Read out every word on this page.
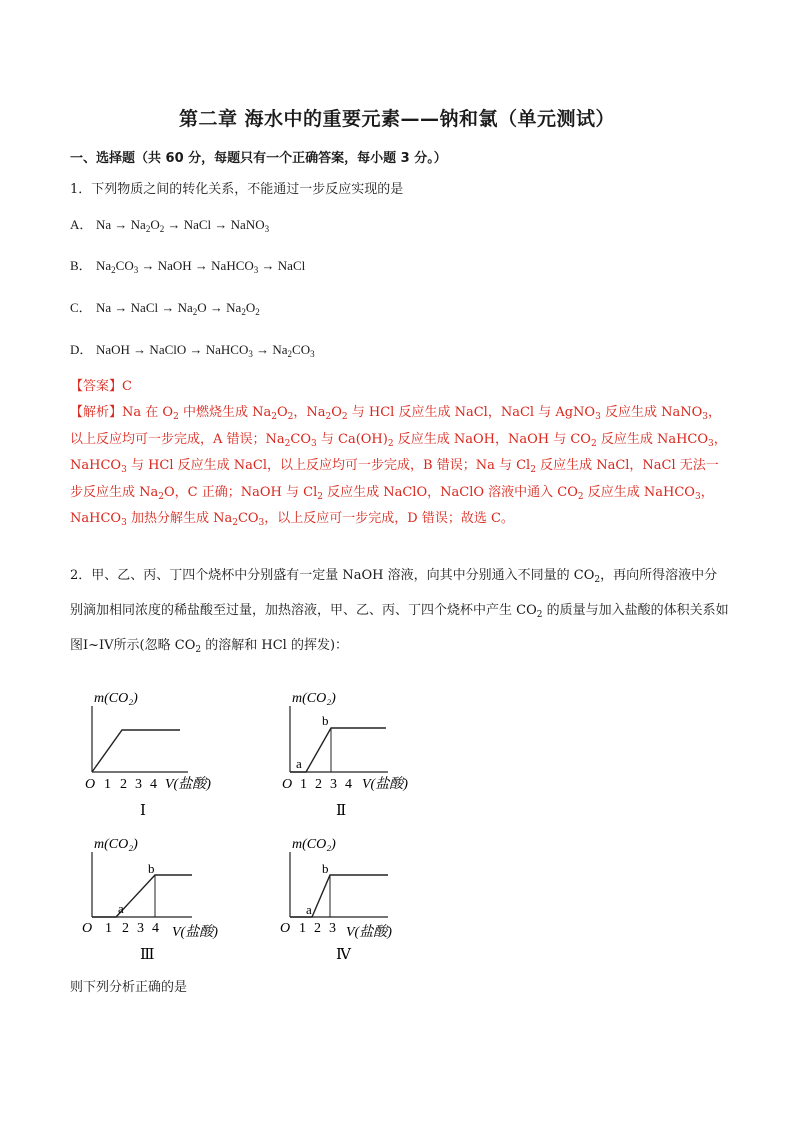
第二章 海水中的重要元素——钠和氯（单元测试）
一、选择题（共 60 分，每题只有一个正确答案，每小题 3 分。）
1．下列物质之间的转化关系，不能通过一步反应实现的是
A． $Na \to Na_2O_2$ → NaCl → NaNO$_3$
B． $Na_2CO_3$ → NaOH → NaHCO$_3$ → NaCl
C． Na → NaCl → $Na_2O \to Na_2O_2$
D． NaOH → NaClO → NaHCO$_3$ → $Na_2CO_3$
【答案】C
【解析】Na 在 $O_2$ 中燃烧生成 $Na_2O_2$，$Na_2O_2$ 与 HCl 反应生成 NaCl，NaCl 与 AgNO$_3$ 反应生成 NaNO$_3$，以上反应均可一步完成，A 错误；$Na_2CO_3$ 与 $Ca(OH)_2$ 反应生成 NaOH，NaOH 与 $CO_2$ 反应生成 NaHCO$_3$，NaHCO$_3$ 与 HCl 反应生成 NaCl，以上反应均可一步完成，B 错误；Na 与 $Cl_2$ 反应生成 NaCl，NaCl 无法一步反应生成 $Na_2O$，C 正确；NaOH 与 $Cl_2$ 反应生成 NaClO，NaClO 溶液中通入 $CO_2$ 反应生成 NaHCO$_3$，NaHCO$_3$ 加热分解生成 $Na_2CO_3$，以上反应可一步完成，D 错误；故选 C。
2．甲、乙、丙、丁四个烧杯中分别盛有一定量 NaOH 溶液，向其中分别通入不同量的 $CO_2$，再向所得溶液中分别滴加相同浓度的稀盐酸至过量，加热溶液，甲、乙、丙、丁四个烧杯中产生 $CO_2$ 的质量与加入盐酸的体积关系如图I~IV所示(忽略 $CO_2$ 的溶解和 HCl 的挥发)：
m(CO₂)
O 1 2 3 4 V(盐酸)
Ⅰ
m(CO₂)
a
b
O 1 2 3 4 V(盐酸)
Ⅱ
m(CO₂)
a
b
O 1 2 3 4 V(盐酸)
Ⅲ
m(CO₂)
a
b
O 1 2 3 V(盐酸)
Ⅳ
则下列分析正确的是
